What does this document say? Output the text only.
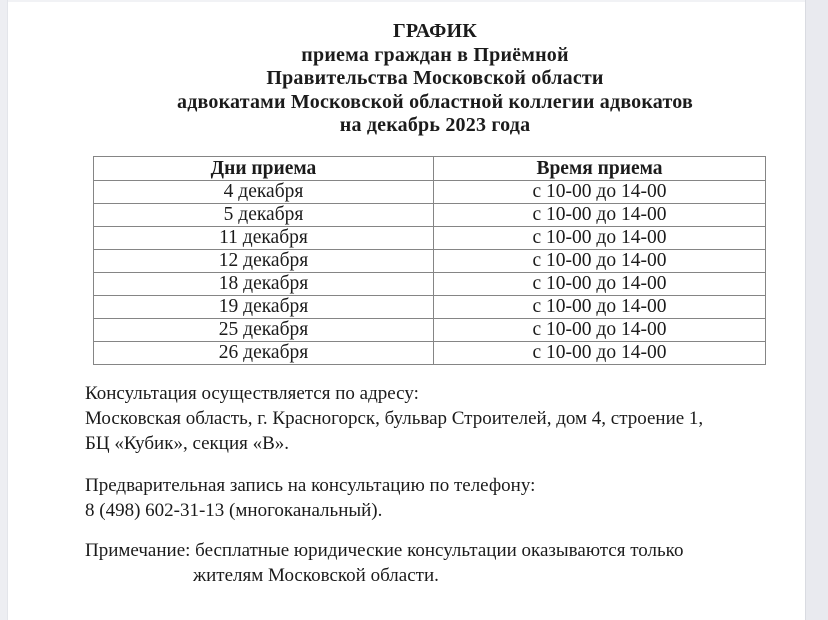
ГРАФИК
приема граждан в Приёмной
Правительства Московской области
адвокатами Московской областной коллегии адвокатов
на декабрь 2023 года
Дни приема	Время приема
4 декабря	с 10-00 до 14-00
5 декабря	с 10-00 до 14-00
11 декабря	с 10-00 до 14-00
12 декабря	с 10-00 до 14-00
18 декабря	с 10-00 до 14-00
19 декабря	с 10-00 до 14-00
25 декабря	с 10-00 до 14-00
26 декабря	с 10-00 до 14-00
Консультация осуществляется по адресу:
Московская область, г. Красногорск, бульвар Строителей, дом 4, строение 1,
БЦ «Кубик», секция «В».
Предварительная запись на консультацию по телефону:
8 (498) 602-31-13 (многоканальный).
Примечание: бесплатные юридические консультации оказываются только
жителям Московской области.
